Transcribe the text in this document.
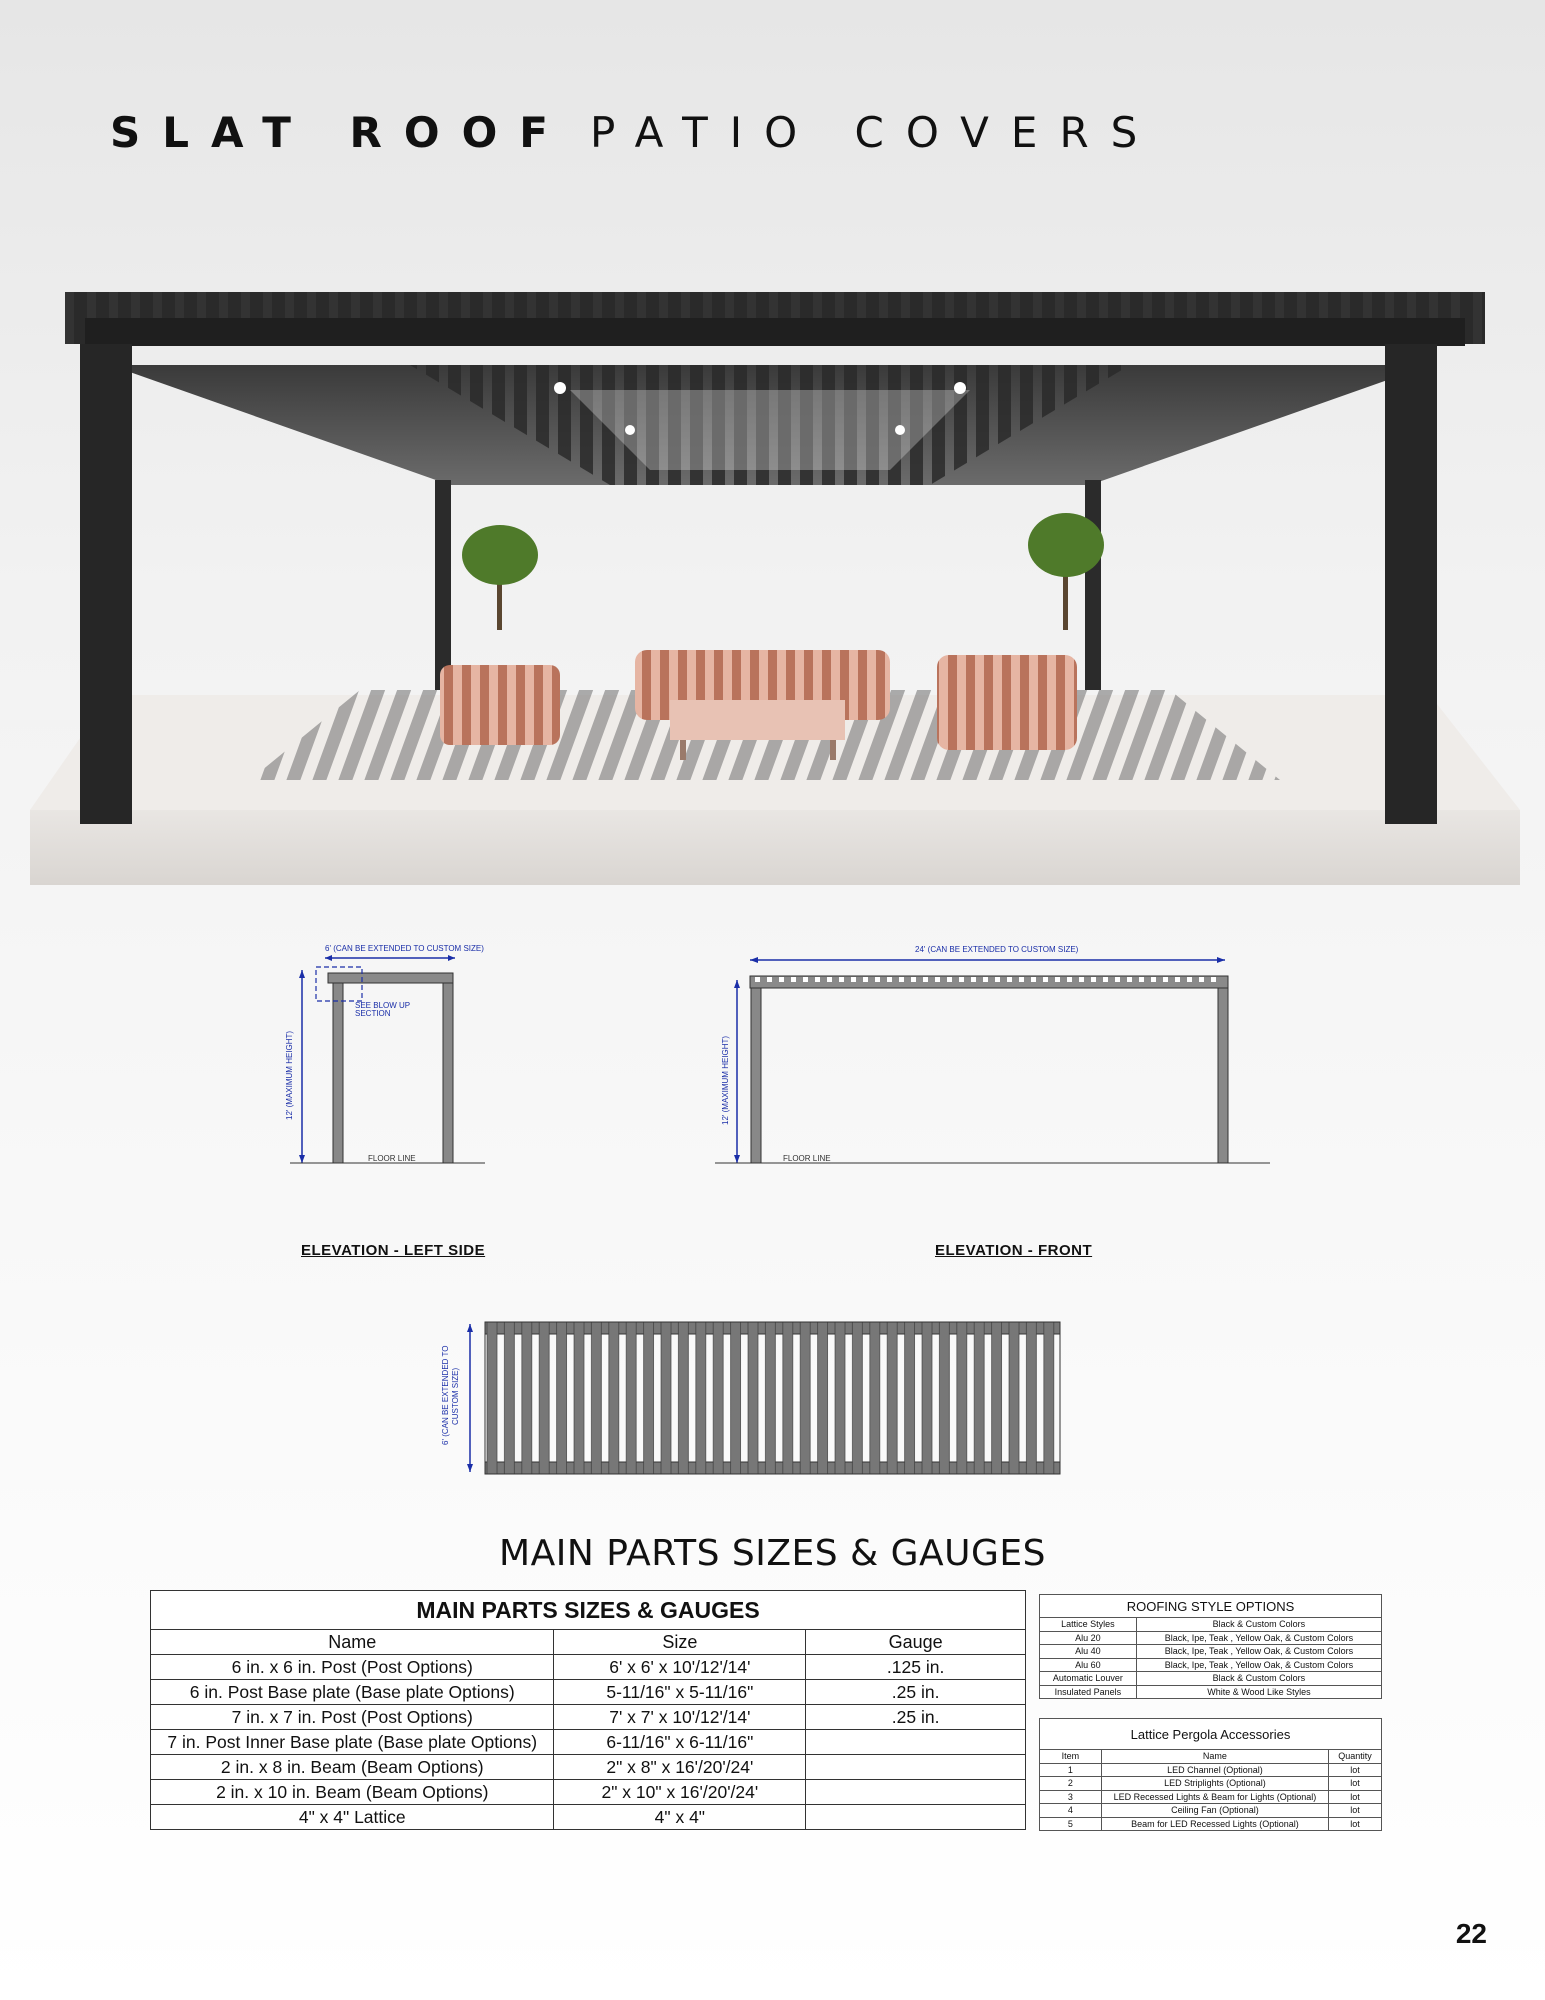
SLAT ROOF PATIO COVERS
6' (CAN BE EXTENDED TO CUSTOM SIZE)
SEE BLOW UP
SECTION
12' (MAXIMUM HEIGHT)
FLOOR LINE
ELEVATION - LEFT SIDE
24' (CAN BE EXTENDED TO CUSTOM SIZE)
12' (MAXIMUM HEIGHT)
FLOOR LINE
ELEVATION - FRONT
6' (CAN BE EXTENDED TO CUSTOM SIZE)
MAIN PARTS SIZES & GAUGES
MAIN PARTS SIZES & GAUGES		
Name	Size	Gauge
6 in. x 6 in. Post (Post Options)	6' x 6' x 10'/12'/14'	.125 in.
6 in. Post Base plate (Base plate Options)	5-11/16" x 5-11/16"	.25 in.
7 in. x 7 in. Post (Post Options)	7' x 7' x 10'/12'/14'	.25 in.
7 in. Post Inner Base plate (Base plate Options)	6-11/16" x 6-11/16"	
2 in. x 8 in. Beam (Beam Options)	2" x 8" x 16'/20'/24'	
2 in. x 10 in. Beam (Beam Options)	2" x 10" x 16'/20'/24'	
4" x 4" Lattice	4" x 4"	
ROOFING STYLE OPTIONS	
Lattice Styles	Black & Custom Colors
Alu 20	Black, Ipe, Teak , Yellow Oak, & Custom Colors
Alu 40	Black, Ipe, Teak , Yellow Oak, & Custom Colors
Alu 60	Black, Ipe, Teak , Yellow Oak, & Custom Colors
Automatic Louver	Black & Custom Colors
Insulated Panels	White & Wood Like Styles
Lattice Pergola Accessories		
Item	Name	Quantity
1	LED Channel (Optional)	lot
2	LED Striplights (Optional)	lot
3	LED Recessed Lights & Beam for Lights (Optional)	lot
4	Ceiling Fan (Optional)	lot
5	Beam for LED Recessed Lights (Optional)	lot
22
